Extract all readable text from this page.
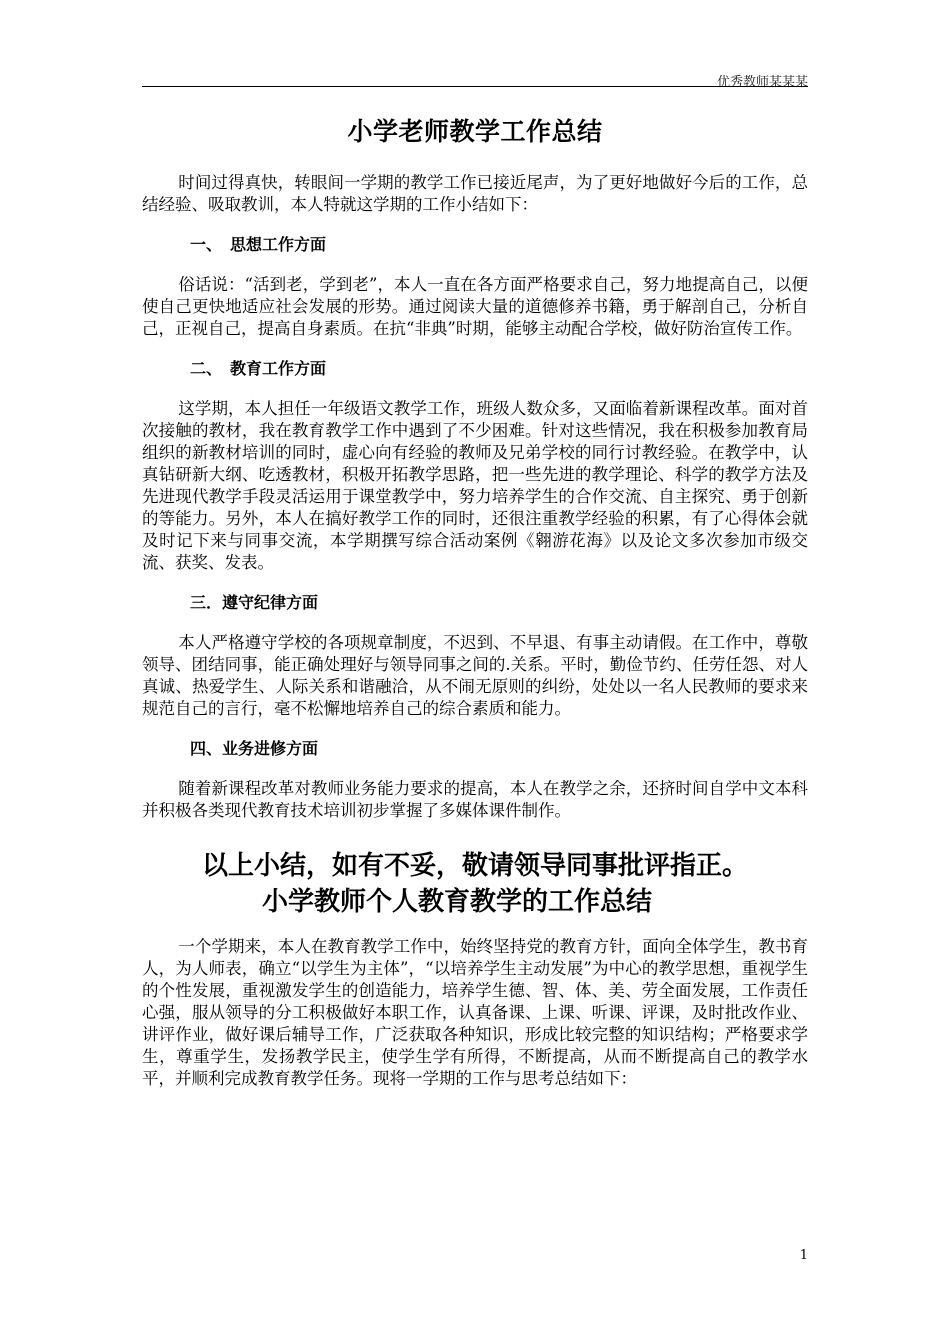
优秀教师某某某
小学老师教学工作总结

时间过得真快，转眼间一学期的教学工作已接近尾声，为了更好地做好今后的工作，总结经验、吸取教训，本人特就这学期的工作小结如下：

一、　思想工作方面

俗话说：“活到老，学到老”，本人一直在各方面严格要求自己，努力地提高自己，以便使自己更快地适应社会发展的形势。通过阅读大量的道德修养书籍，勇于解剖自己，分析自己，正视自己，提高自身素质。在抗“非典”时期，能够主动配合学校，做好防治宣传工作。

二、　教育工作方面

这学期，本人担任一年级语文教学工作，班级人数众多，又面临着新课程改革。面对首次接触的教材，我在教育教学工作中遇到了不少困难。针对这些情况，我在积极参加教育局组织的新教材培训的同时，虚心向有经验的教师及兄弟学校的同行讨教经验。在教学中，认真钻研新大纲、吃透教材，积极开拓教学思路，把一些先进的教学理论、科学的教学方法及先进现代教学手段灵活运用于课堂教学中，努力培养学生的合作交流、自主探究、勇于创新的等能力。另外，本人在搞好教学工作的同时，还很注重教学经验的积累，有了心得体会就及时记下来与同事交流，本学期撰写综合活动案例《翱游花海》以及论文多次参加市级交流、获奖、发表。

三．遵守纪律方面

本人严格遵守学校的各项规章制度，不迟到、不早退、有事主动请假。在工作中，尊敬领导、团结同事，能正确处理好与领导同事之间的.关系。平时，勤俭节约、任劳任怨、对人真诚、热爱学生、人际关系和谐融洽，从不闹无原则的纠纷，处处以一名人民教师的要求来规范自己的言行，毫不松懈地培养自己的综合素质和能力。

四、业务进修方面

随着新课程改革对教师业务能力要求的提高，本人在教学之余，还挤时间自学中文本科并积极各类现代教育技术培训初步掌握了多媒体课件制作。

以上小结，如有不妥，敬请领导同事批评指正。
小学教师个人教育教学的工作总结

一个学期来，本人在教育教学工作中，始终坚持党的教育方针，面向全体学生，教书育人，为人师表，确立“以学生为主体”，“以培养学生主动发展”为中心的教学思想，重视学生的个性发展，重视激发学生的创造能力，培养学生德、智、体、美、劳全面发展，工作责任心强，服从领导的分工积极做好本职工作，认真备课、上课、听课、评课，及时批改作业、讲评作业，做好课后辅导工作，广泛获取各种知识，形成比较完整的知识结构；严格要求学生，尊重学生，发扬教学民主，使学生学有所得，不断提高，从而不断提高自己的教学水平，并顺利完成教育教学任务。现将一学期的工作与思考总结如下：

1
